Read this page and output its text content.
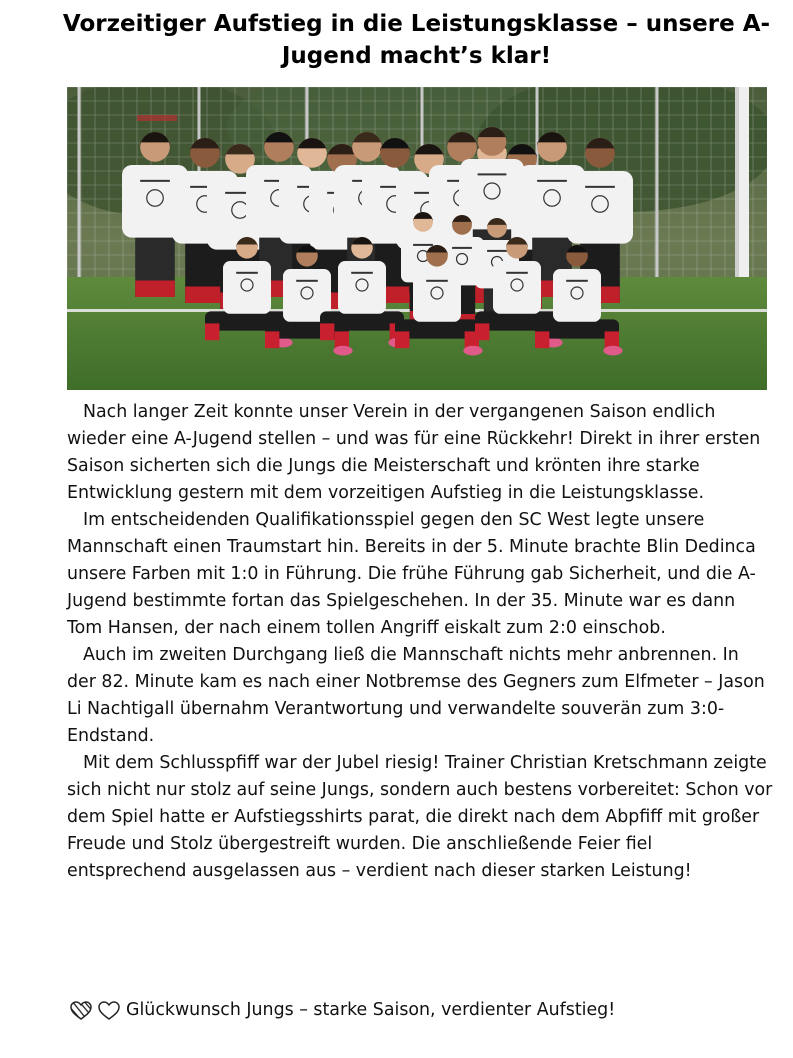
Vorzeitiger Aufstieg in die Leistungsklasse – unsere A-Jugend macht’s klar!

Nach langer Zeit konnte unser Verein in der vergangenen Saison endlich wieder eine A-Jugend stellen – und was für eine Rückkehr! Direkt in ihrer ersten Saison sicherten sich die Jungs die Meisterschaft und krönten ihre starke Entwicklung gestern mit dem vorzeitigen Aufstieg in die Leistungsklasse.

Im entscheidenden Qualifikationsspiel gegen den SC West legte unsere Mannschaft einen Traumstart hin. Bereits in der 5. Minute brachte Blin Dedinca unsere Farben mit 1:0 in Führung. Die frühe Führung gab Sicherheit, und die A-Jugend bestimmte fortan das Spielgeschehen. In der 35. Minute war es dann Tom Hansen, der nach einem tollen Angriff eiskalt zum 2:0 einschob.

Auch im zweiten Durchgang ließ die Mannschaft nichts mehr anbrennen. In der 82. Minute kam es nach einer Notbremse des Gegners zum Elfmeter – Jason Li Nachtigall übernahm Verantwortung und verwandelte souverän zum 3:0-Endstand.

Mit dem Schlusspfiff war der Jubel riesig! Trainer Christian Kretschmann zeigte sich nicht nur stolz auf seine Jungs, sondern auch bestens vorbereitet: Schon vor dem Spiel hatte er Aufstiegsshirts parat, die direkt nach dem Abpfiff mit großer Freude und Stolz übergestreift wurden. Die anschließende Feier fiel entsprechend ausgelassen aus – verdient nach dieser starken Leistung!

Glückwunsch Jungs – starke Saison, verdienter Aufstieg!
